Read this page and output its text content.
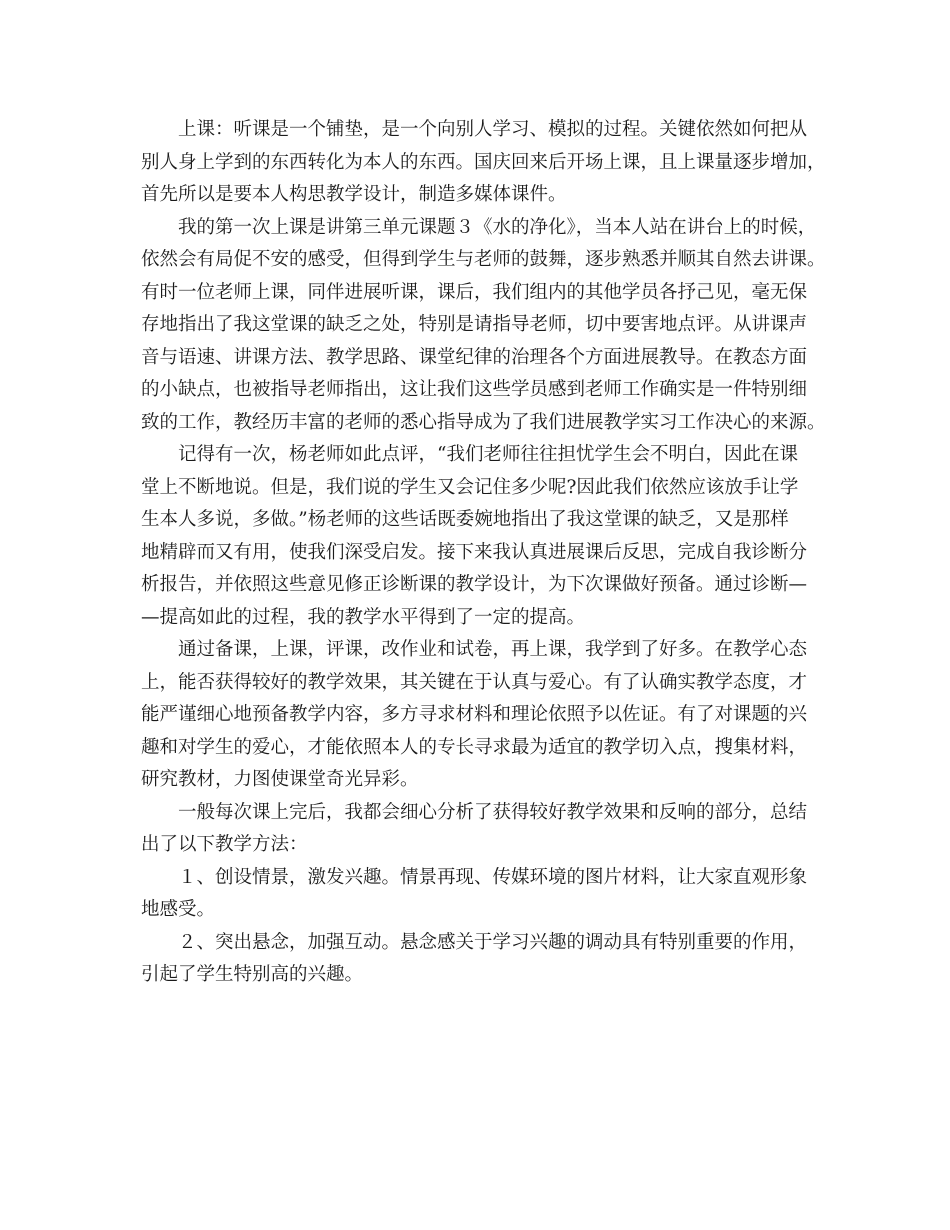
上课：听课是一个铺垫，是一个向别人学习、模拟的过程。关键依然如何把从
别人身上学到的东西转化为本人的东西。国庆回来后开场上课，且上课量逐步增加，
首先所以是要本人构思教学设计，制造多媒体课件。
我的第一次上课是讲第三单元课题３《水的净化》，当本人站在讲台上的时候，
依然会有局促不安的感受，但得到学生与老师的鼓舞，逐步熟悉并顺其自然去讲课。
有时一位老师上课，同伴进展听课，课后，我们组内的其他学员各抒己见，毫无保
存地指出了我这堂课的缺乏之处，特别是请指导老师，切中要害地点评。从讲课声
音与语速、讲课方法、教学思路、课堂纪律的治理各个方面进展教导。在教态方面
的小缺点，也被指导老师指出，这让我们这些学员感到老师工作确实是一件特别细
致的工作，教经历丰富的老师的悉心指导成为了我们进展教学实习工作决心的来源。
记得有一次，杨老师如此点评，“我们老师往往担忧学生会不明白，因此在课
堂上不断地说。但是，我们说的学生又会记住多少呢?因此我们依然应该放手让学
生本人多说，多做。”杨老师的这些话既委婉地指出了我这堂课的缺乏，又是那样
地精辟而又有用，使我们深受启发。接下来我认真进展课后反思，完成自我诊断分
析报告，并依照这些意见修正诊断课的教学设计，为下次课做好预备。通过诊断—
—提高如此的过程，我的教学水平得到了一定的提高。
通过备课，上课，评课，改作业和试卷，再上课，我学到了好多。在教学心态
上，能否获得较好的教学效果，其关键在于认真与爱心。有了认确实教学态度，才
能严谨细心地预备教学内容，多方寻求材料和理论依照予以佐证。有了对课题的兴
趣和对学生的爱心，才能依照本人的专长寻求最为适宜的教学切入点，搜集材料，
研究教材，力图使课堂奇光异彩。
一般每次课上完后，我都会细心分析了获得较好教学效果和反响的部分，总结
出了以下教学方法：
１、创设情景，激发兴趣。情景再现、传媒环境的图片材料，让大家直观形象
地感受。
２、突出悬念，加强互动。悬念感关于学习兴趣的调动具有特别重要的作用，
引起了学生特别高的兴趣。
